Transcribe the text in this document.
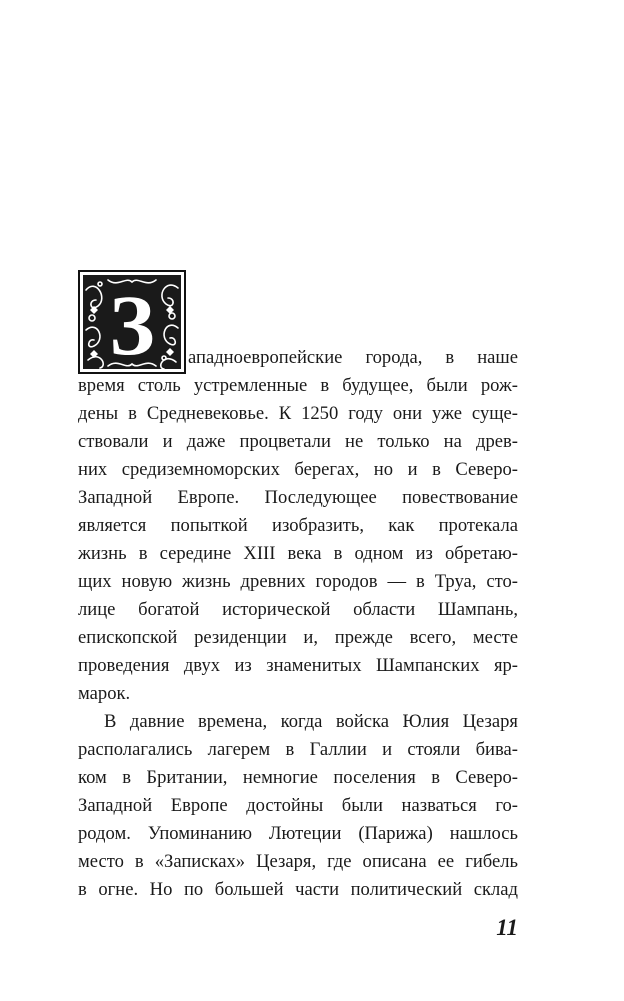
З ападноевропейские города, в наше
время столь устремленные в будущее, были рож-
дены в Средневековье. К 1250 году они уже суще-
ствовали и даже процветали не только на древ-
них средиземноморских берегах, но и в Северо-
Западной Европе. Последующее повествование
является попыткой изобразить, как протекала
жизнь в середине XIII века в одном из обретаю-
щих новую жизнь древних городов — в Труа, сто-
лице богатой исторической области Шампань,
епископской резиденции и, прежде всего, месте
проведения двух из знаменитых Шампанских яр-
марок.
В давние времена, когда войска Юлия Цезаря
располагались лагерем в Галлии и стояли бива-
ком в Британии, немногие поселения в Северо-
Западной Европе достойны были назваться го-
родом. Упоминанию Лютеции (Парижа) нашлось
место в «Записках» Цезаря, где описана ее гибель
в огне. Но по большей части политический склад
11
